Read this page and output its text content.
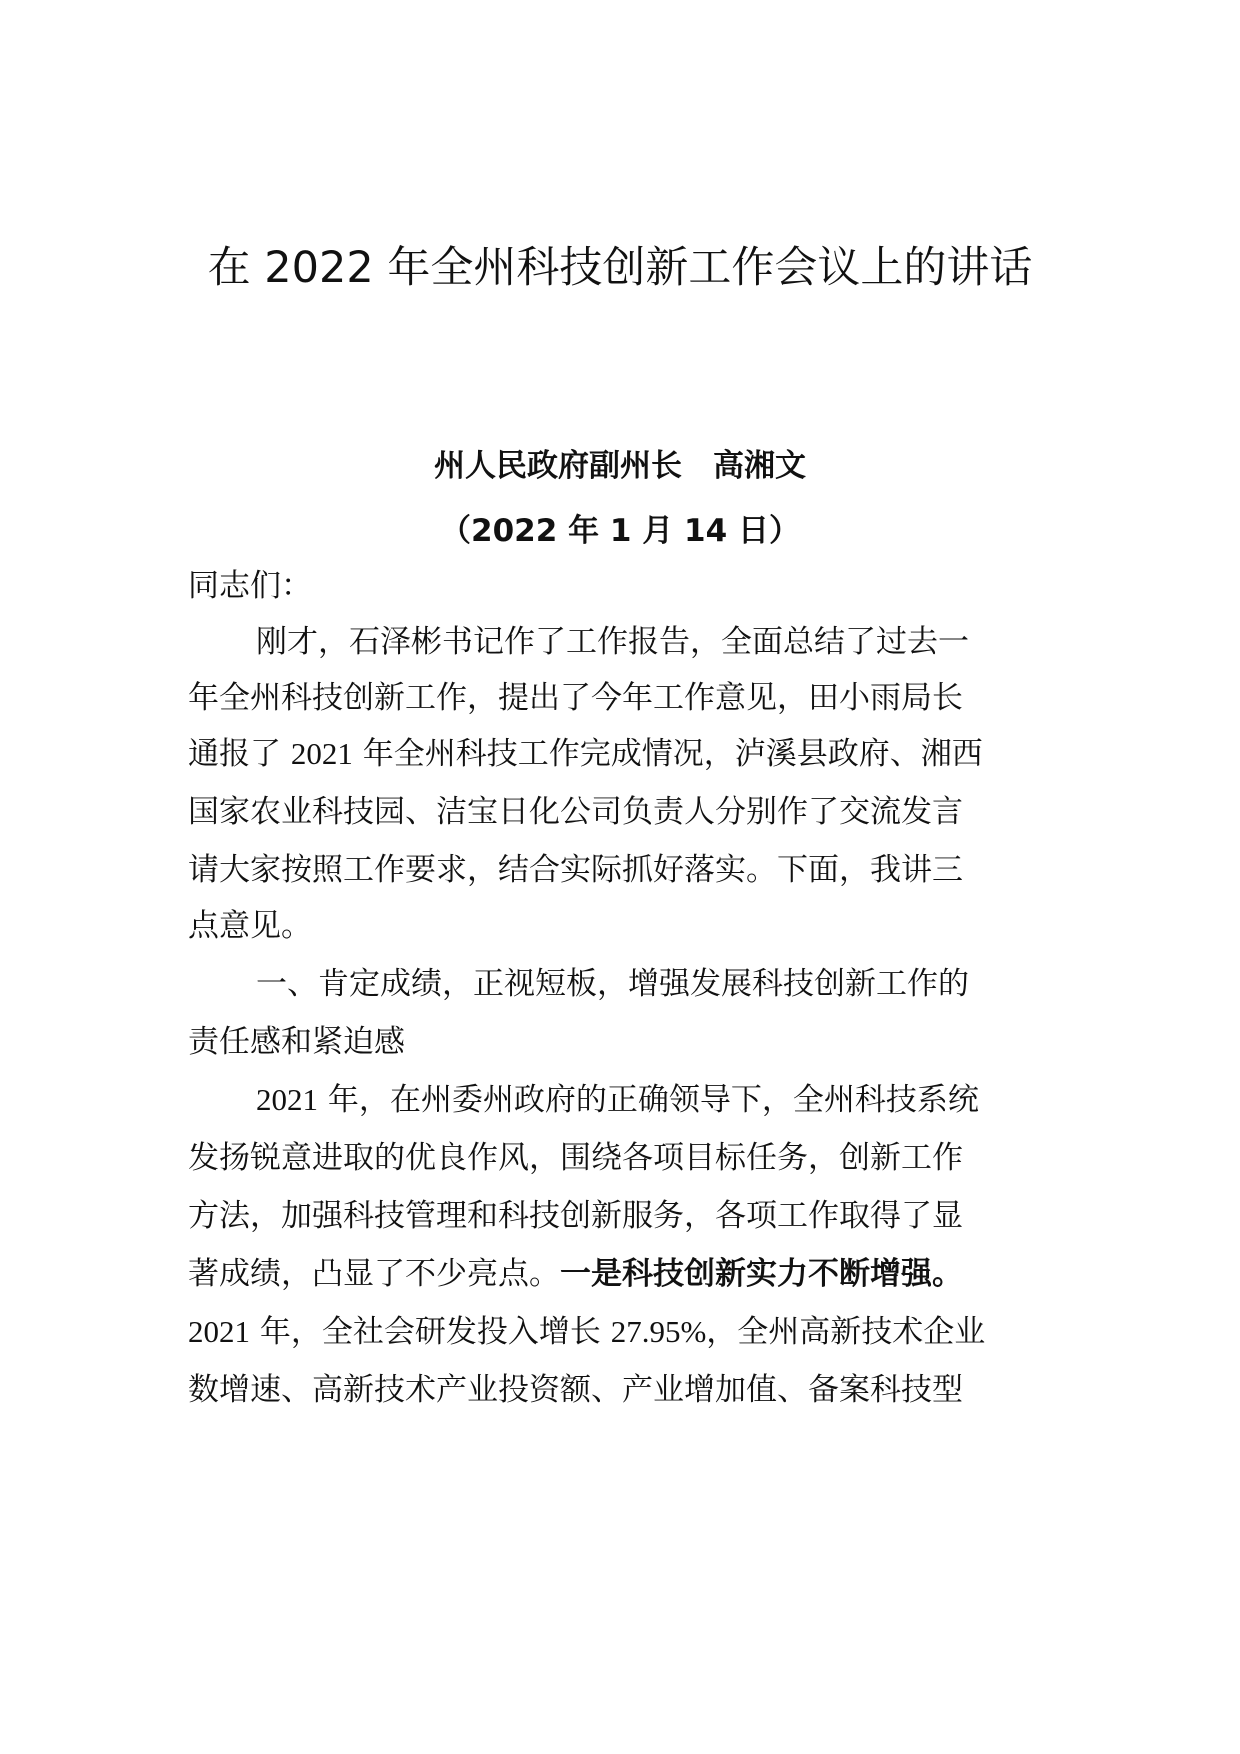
在 2022 年全州科技创新工作会议上的讲话

州人民政府副州长　高湘文

（2022 年 1 月 14 日）

同志们：

刚才，石泽彬书记作了工作报告，全面总结了过去一

年全州科技创新工作，提出了今年工作意见，田小雨局长

通报了 2021 年全州科技工作完成情况，泸溪县政府、湘西

国家农业科技园、洁宝日化公司负责人分别作了交流发言

请大家按照工作要求，结合实际抓好落实。下面，我讲三

点意见。

一、肯定成绩，正视短板，增强发展科技创新工作的

责任感和紧迫感

2021 年，在州委州政府的正确领导下，全州科技系统

发扬锐意进取的优良作风，围绕各项目标任务，创新工作

方法，加强科技管理和科技创新服务，各项工作取得了显

著成绩，凸显了不少亮点。一是科技创新实力不断增强。

2021 年，全社会研发投入增长 27.95%，全州高新技术企业

数增速、高新技术产业投资额、产业增加值、备案科技型
